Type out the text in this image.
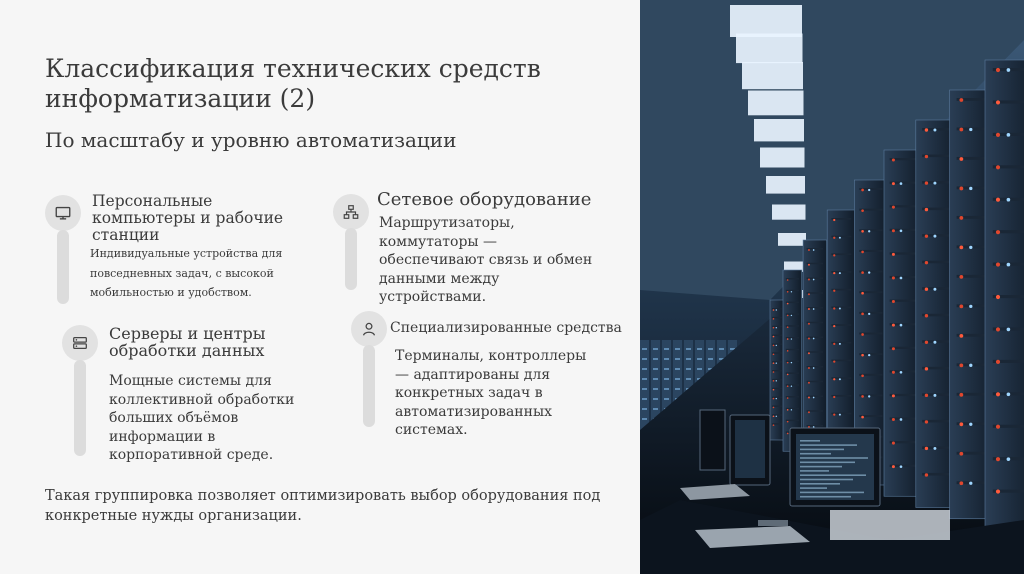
Классификация технических средств информатизации (2)
По масштабу и уровню автоматизации
Персональные компьютеры и рабочие станции
Индивидуальные устройства для повседневных задач, с высокой мобильностью и удобством.
Сетевое оборудование
Маршрутизаторы, коммутаторы — обеспечивают связь и обмен данными между устройствами.
Серверы и центры обработки данных
Мощные системы для коллективной обработки больших объёмов информации в корпоративной среде.
Специализированные средства
Терминалы, контроллеры — адаптированы для конкретных задач в автоматизированных системах.
Такая группировка позволяет оптимизировать выбор оборудования под конкретные нужды организации.
